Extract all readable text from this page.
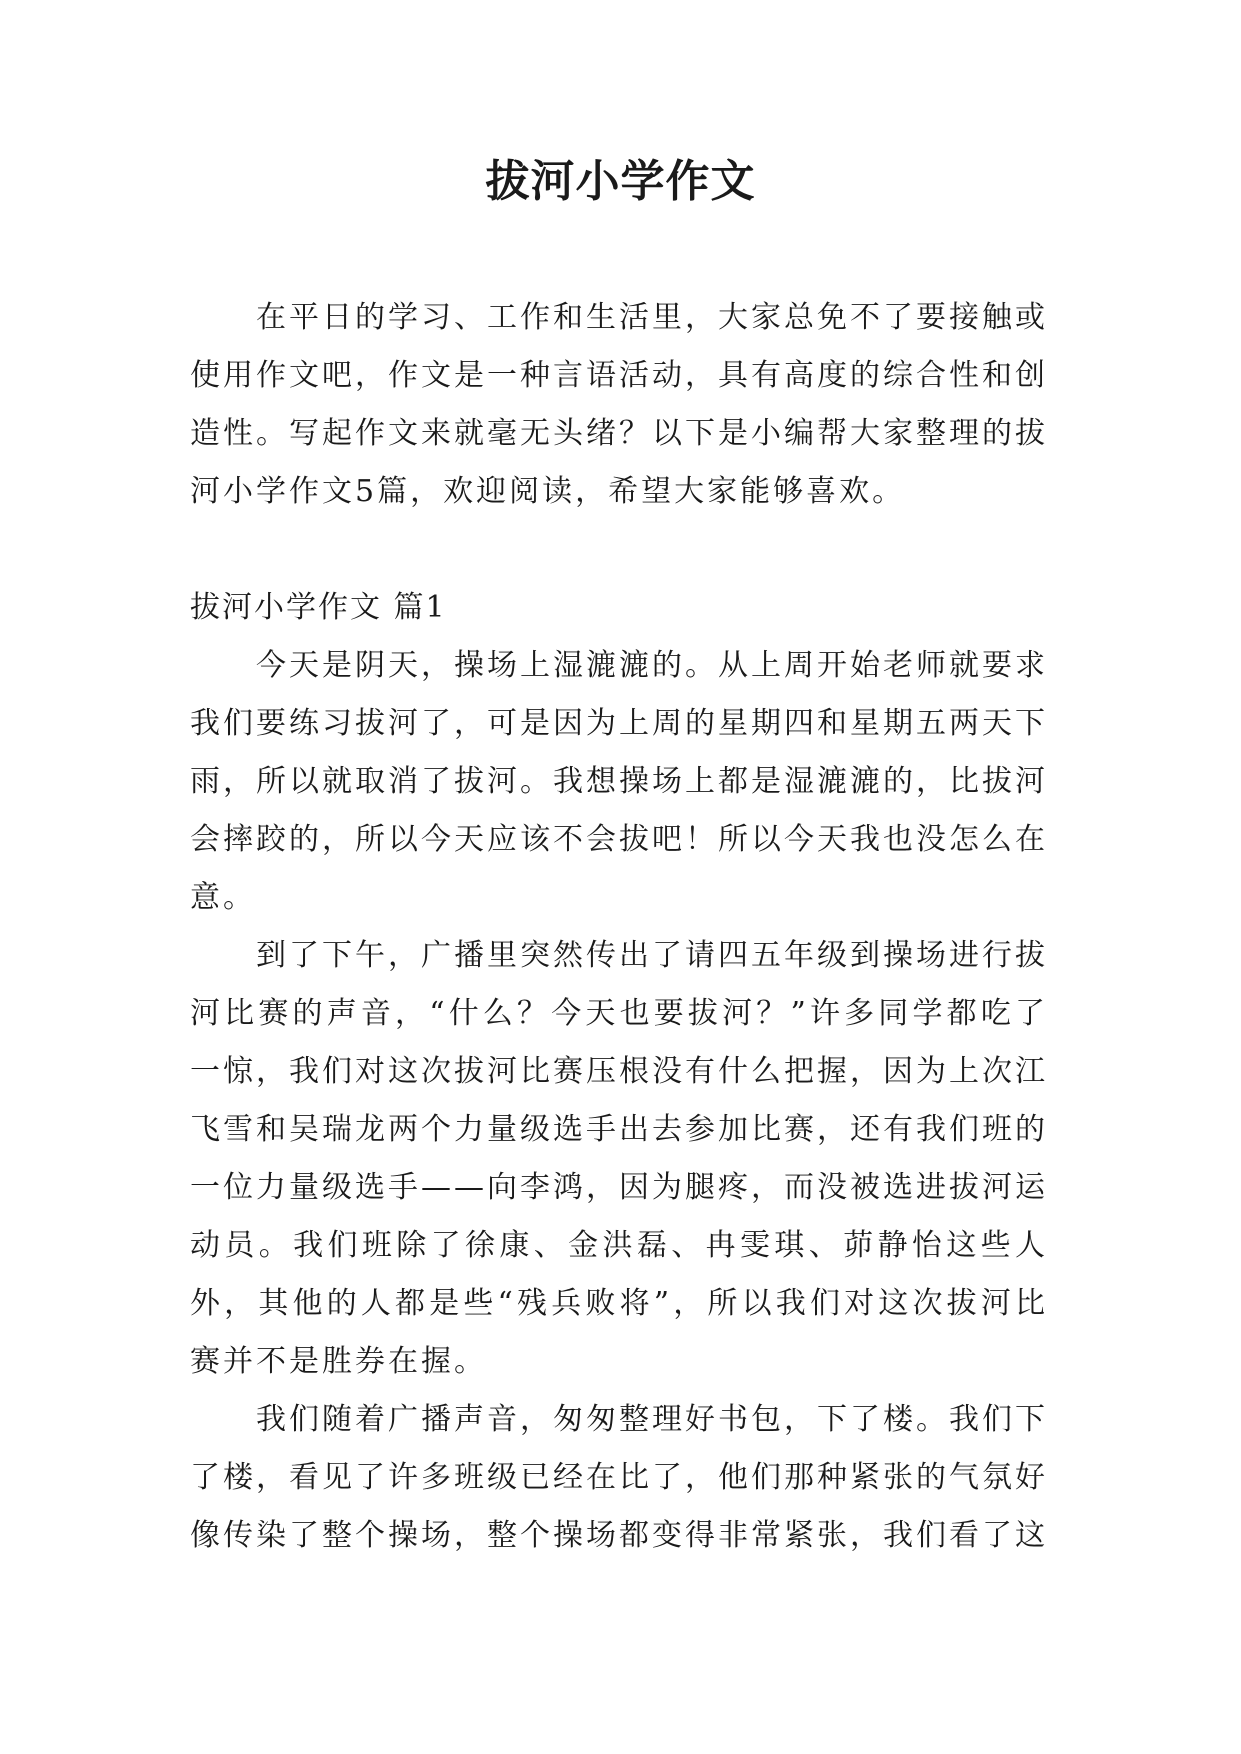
拔河小学作文

在平日的学习、工作和生活里，大家总免不了要接触或使用作文吧，作文是一种言语活动，具有高度的综合性和创造性。写起作文来就毫无头绪？以下是小编帮大家整理的拔河小学作文5篇，欢迎阅读，希望大家能够喜欢。

拔河小学作文 篇1

今天是阴天，操场上湿漉漉的。从上周开始老师就要求我们要练习拔河了，可是因为上周的星期四和星期五两天下雨，所以就取消了拔河。我想操场上都是湿漉漉的，比拔河会摔跤的，所以今天应该不会拔吧！所以今天我也没怎么在意。

到了下午，广播里突然传出了请四五年级到操场进行拔河比赛的声音，“什么？今天也要拔河？”许多同学都吃了一惊，我们对这次拔河比赛压根没有什么把握，因为上次江飞雪和吴瑞龙两个力量级选手出去参加比赛，还有我们班的一位力量级选手——向李鸿，因为腿疼，而没被选进拔河运动员。我们班除了徐康、金洪磊、冉雯琪、茆静怡这些人外，其他的人都是些“残兵败将”，所以我们对这次拔河比赛并不是胜券在握。

我们随着广播声音，匆匆整理好书包，下了楼。我们下了楼，看见了许多班级已经在比了，他们那种紧张的气氛好像传染了整个操场，整个操场都变得非常紧张，我们看了这
